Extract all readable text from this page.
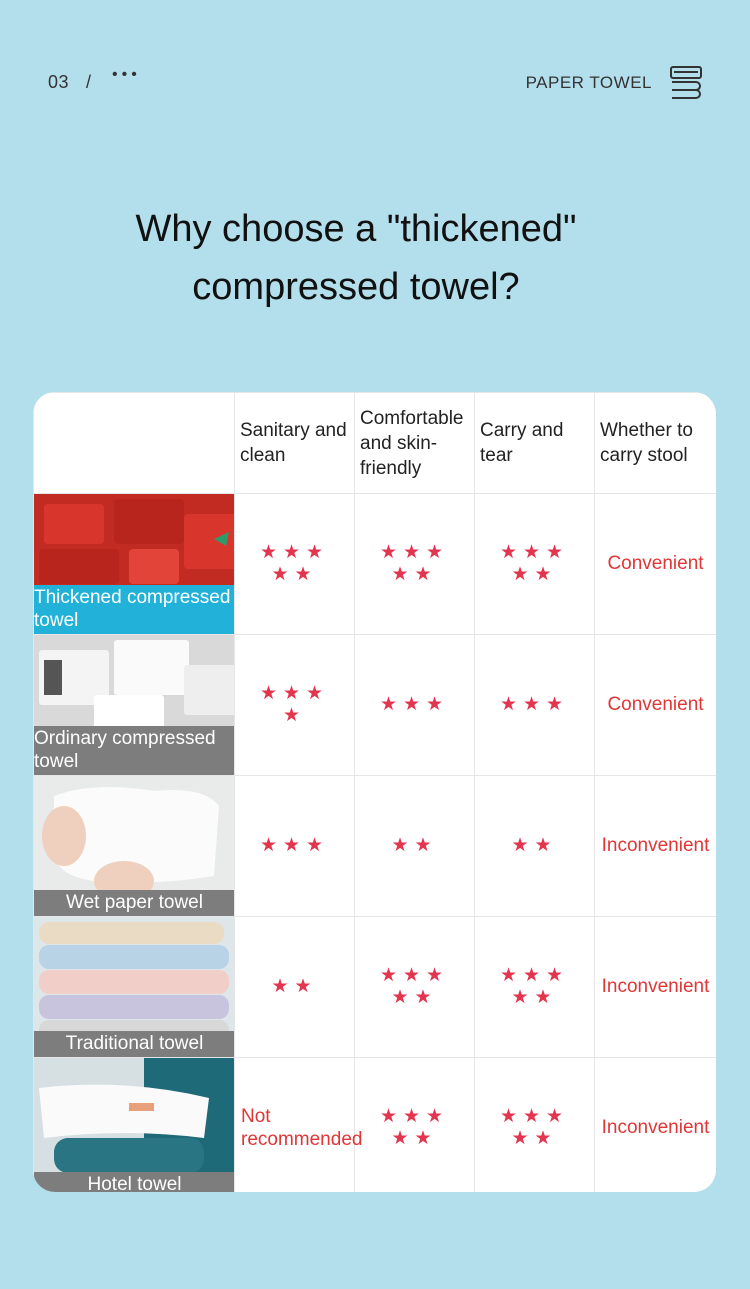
03 / •••	PAPER TOWEL
Why choose a "thickened"
compressed towel?
	Sanitary and clean	Comfortable and skin-friendly	Carry and tear	Whether to carry stool

Thickened compressed towel	★★★
★★	★★★
★★	★★★
★★	Convenient

Ordinary compressed towel	★★★
★	★★★	★★★	Convenient

Wet paper towel	★★★	★★	★★	Inconvenient

Traditional towel	★★	★★★
★★	★★★
★★	Inconvenient

Hotel towel	Not recommended	★★★
★★	★★★
★★	Inconvenient
